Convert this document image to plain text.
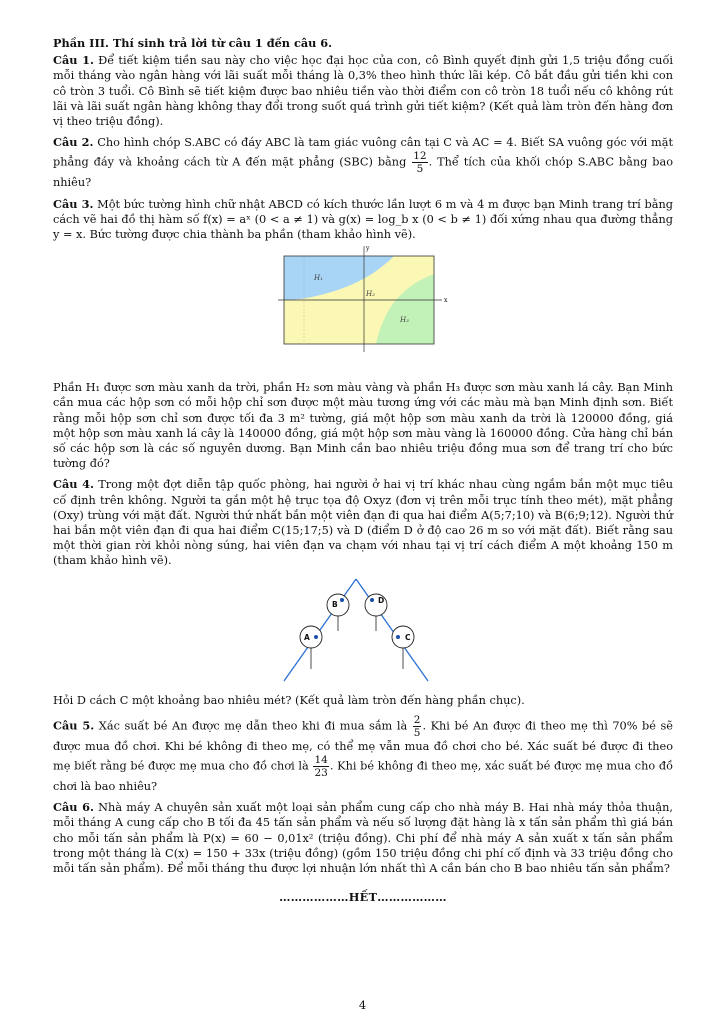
Phần III. Thí sinh trả lời từ câu 1 đến câu 6.

Câu 1. Để tiết kiệm tiền sau này cho việc học đại học của con, cô Bình quyết định gửi 1,5 triệu đồng cuối mỗi tháng vào ngân hàng với lãi suất mỗi tháng là 0,3% theo hình thức lãi kép. Cô bắt đầu gửi tiền khi con cô tròn 3 tuổi. Cô Bình sẽ tiết kiệm được bao nhiêu tiền vào thời điểm con cô tròn 18 tuổi nếu cô không rút lãi và lãi suất ngân hàng không thay đổi trong suốt quá trình gửi tiết kiệm? (Kết quả làm tròn đến hàng đơn vị theo triệu đồng).

Câu 2. Cho hình chóp S.ABC có đáy ABC là tam giác vuông cân tại C và AC = 4. Biết SA vuông góc với mặt phẳng đáy và khoảng cách từ A đến mặt phẳng (SBC) bằng $\frac{12}{5}$ . Thể tích của khối chóp S.ABC bằng bao nhiêu?

Câu 3. Một bức tường hình chữ nhật ABCD có kích thước lần lượt 6 m và 4 m được bạn Minh trang trí bằng cách vẽ hai đồ thị hàm số f(x) = aˣ (0 < a ≠ 1) và g(x) = log_b x (0 < b ≠ 1) đối xứng nhau qua đường thẳng y = x. Bức tường được chia thành ba phần (tham khảo hình vẽ).

x
y
H₁
H₂
H₃

Phần H₁ được sơn màu xanh da trời, phần H₂ sơn màu vàng và phần H₃ được sơn màu xanh lá cây. Bạn Minh cần mua các hộp sơn có mỗi hộp chỉ sơn được một màu tương ứng với các màu mà bạn Minh định sơn. Biết rằng mỗi hộp sơn chỉ sơn được tối đa 3 m² tường, giá một hộp sơn màu xanh da trời là 120000 đồng, giá một hộp sơn màu xanh lá cây là 140000 đồng, giá một hộp sơn màu vàng là 160000 đồng. Cửa hàng chỉ bán số các hộp sơn là các số nguyên dương. Bạn Minh cần bao nhiêu triệu đồng mua sơn để trang trí cho bức tường đó?

Câu 4. Trong một đợt diễn tập quốc phòng, hai người ở hai vị trí khác nhau cùng ngắm bắn một mục tiêu cố định trên không. Người ta gắn một hệ trục tọa độ Oxyz (đơn vị trên mỗi trục tính theo mét), mặt phẳng (Oxy) trùng với mặt đất. Người thứ nhất bắn một viên đạn đi qua hai điểm A(5;7;10) và B(6;9;12). Người thứ hai bắn một viên đạn đi qua hai điểm C(15;17;5) và D (điểm D ở độ cao 26 m so với mặt đất). Biết rằng sau một thời gian rời khỏi nòng súng, hai viên đạn va chạm với nhau tại vị trí cách điểm A một khoảng 150 m (tham khảo hình vẽ).

B	D
A	C

Hỏi D cách C một khoảng bao nhiêu mét? (Kết quả làm tròn đến hàng phần chục).

Câu 5. Xác suất bé An được mẹ dẫn theo khi đi mua sắm là $\frac{2}{5}$ . Khi bé An được đi theo mẹ thì 70% bé sẽ được mua đồ chơi. Khi bé không đi theo mẹ, có thể mẹ vẫn mua đồ chơi cho bé. Xác suất bé được đi theo mẹ biết rằng bé được mẹ mua cho đồ chơi là $\frac{14}{23}$ . Khi bé không đi theo mẹ, xác suất bé được mẹ mua cho đồ chơi là bao nhiêu?

Câu 6. Nhà máy A chuyên sản xuất một loại sản phẩm cung cấp cho nhà máy B. Hai nhà máy thỏa thuận, mỗi tháng A cung cấp cho B tối đa 45 tấn sản phẩm và nếu số lượng đặt hàng là x tấn sản phẩm thì giá bán cho mỗi tấn sản phẩm là P(x) = 60 − 0,01x² (triệu đồng). Chi phí để nhà máy A sản xuất x tấn sản phẩm trong một tháng là C(x) = 150 + 33x (triệu đồng) (gồm 150 triệu đồng chi phí cố định và 33 triệu đồng cho mỗi tấn sản phẩm). Để mỗi tháng thu được lợi nhuận lớn nhất thì A cần bán cho B bao nhiêu tấn sản phẩm?

………………HẾT………………
4
